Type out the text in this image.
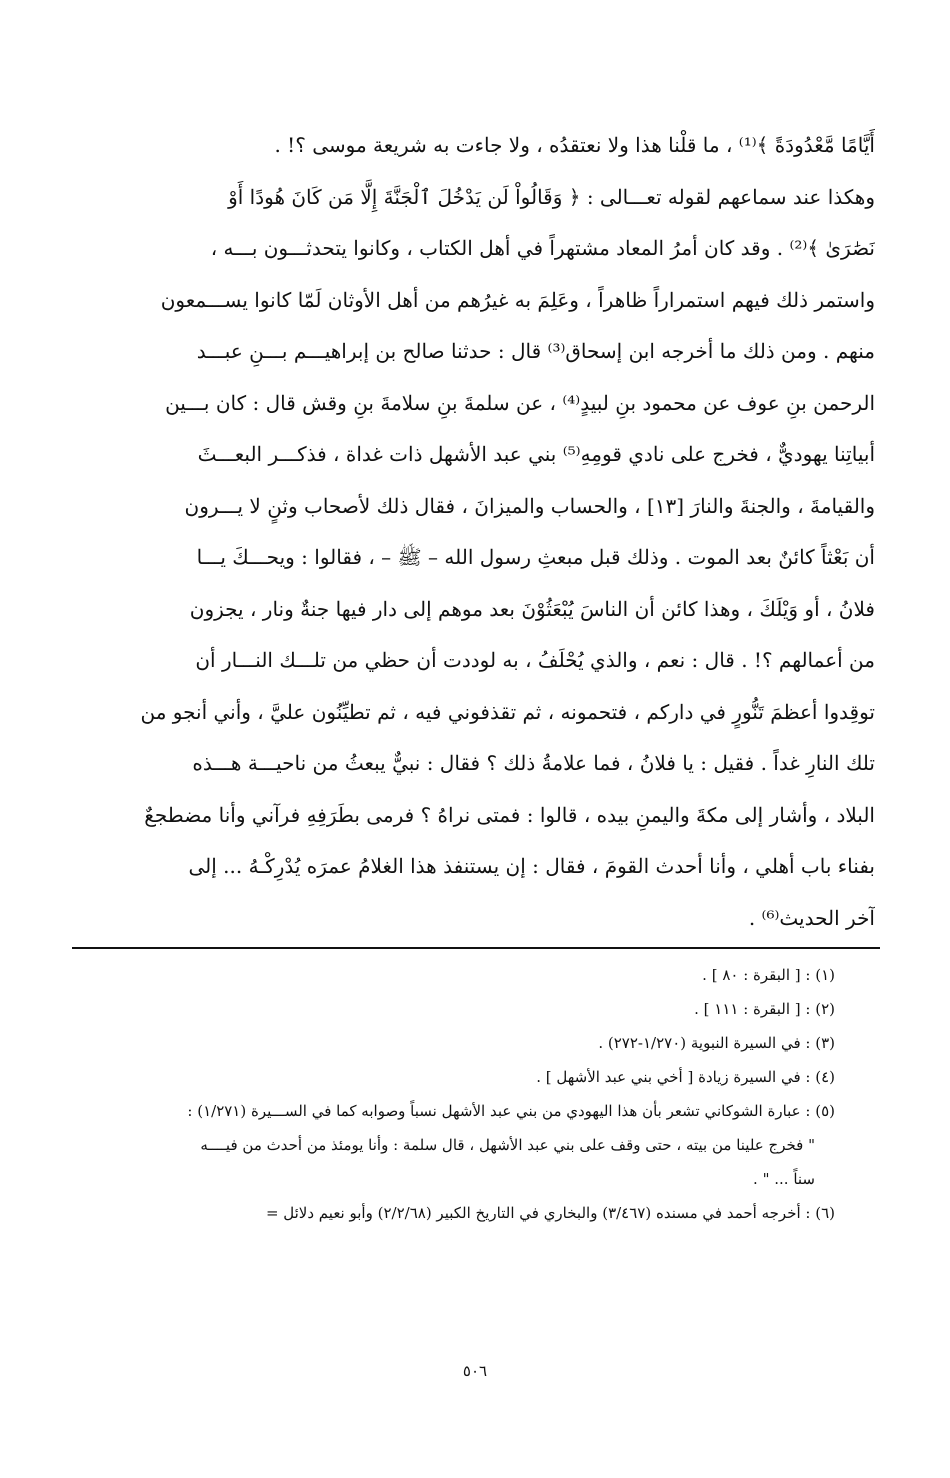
أَيَّامًا مَّعْدُودَةً ﴾⁽¹⁾ ، ما قلْنا هذا ولا نعتقدُه ، ولا جاءت به شريعة موسى ؟! .
وهكذا عند سماعهم لقوله تعـــالى : ﴿ وَقَالُواْ لَن يَدْخُلَ ٱلْجَنَّةَ إِلَّا مَن كَانَ هُودًا أَوْ
نَصَٰرَىٰ ﴾⁽²⁾ . وقد كان أمرُ المعاد مشتهراً في أهل الكتاب ، وكانوا يتحدثـــون بـــه ،
واستمر ذلك فيهم استمراراً ظاهراً ، وعَلِمَ به غيرُهم من أهل الأوثان لَمّا كانوا يســـمعون
منهم . ومن ذلك ما أخرجه ابن إسحاق⁽³⁾ قال : حدثنا صالح بن إبراهيـــم بـــنِ عبـــد
الرحمن بنِ عوف عن محمود بنِ لبيدٍ⁽⁴⁾ ، عن سلمةَ بنِ سلامةَ بنِ وقش قال : كان بـــين
أبياتِنا يهوديٌّ ، فخرج على نادي قومِهِ⁽⁵⁾ بني عبد الأشهل ذات غداة ، فذكـــر البعـــثَ
والقيامةَ ، والجنةَ والنارَ [١٣] ، والحساب والميزانَ ، فقال ذلك لأصحاب وثنٍ لا يـــرون
أن بَعْثاً كائنٌ بعد الموت . وذلك قبل مبعثِ رسول الله – ﷺ – ، فقالوا : ويحـــكَ يـــا
فلانُ ، أو وَيْلَكَ ، وهذا كائن أن الناسَ يُبْعَثُوْنَ بعد موهم إلى دار فيها جنةٌ ونار ، يجزون
من أعمالهم ؟! . قال : نعم ، والذي يُحْلَفُ ، به لوددت أن حظي من تلـــك النـــار أن
توقِدوا أعظمَ تَنُّورٍ في داركم ، فتحمونه ، ثم تقذفوني فيه ، ثم تطيِّنُون عليَّ ، وأني أنجو من
تلك النارِ غداً . فقيل : يا فلانُ ، فما علامةُ ذلك ؟ فقال : نبيٌّ يبعثُ من ناحيـــة هـــذه
البلاد ، وأشار إلى مكةَ واليمنِ بيده ، قالوا : فمتى نراهُ ؟ فرمى بطَرَفِهِ فرآني وأنا مضطجعٌ
بفناء باب أهلي ، وأنا أحدث القومَ ، فقال : إن يستنفذ هذا الغلامُ عمرَه يُدْرِكْـهُ ... إلى
آخر الحديث⁽⁶⁾ .
(١) : [ البقرة : ٨٠ ] .
(٢) : [ البقرة : ١١١ ] .
(٣) : في السيرة النبوية (١/٢٧٠-٢٧٢) .
(٤) : في السيرة زيادة [ أخي بني عبد الأشهل ] .
(٥) : عبارة الشوكاني تشعر بأن هذا اليهودي من بني عبد الأشهل نسباً وصوابه كما في الســـيرة (١/٢٧١) :
" فخرج علينا من بيته ، حتى وقف على بني عبد الأشهل ، قال سلمة : وأنا يومئذ من أحدث من فيــــه
سناً ... " .
(٦) : أخرجه أحمد في مسنده (٣/٤٦٧) والبخاري في التاريخ الكبير (٢/٢/٦٨) وأبو نعيم دلائل =
٥٠٦
